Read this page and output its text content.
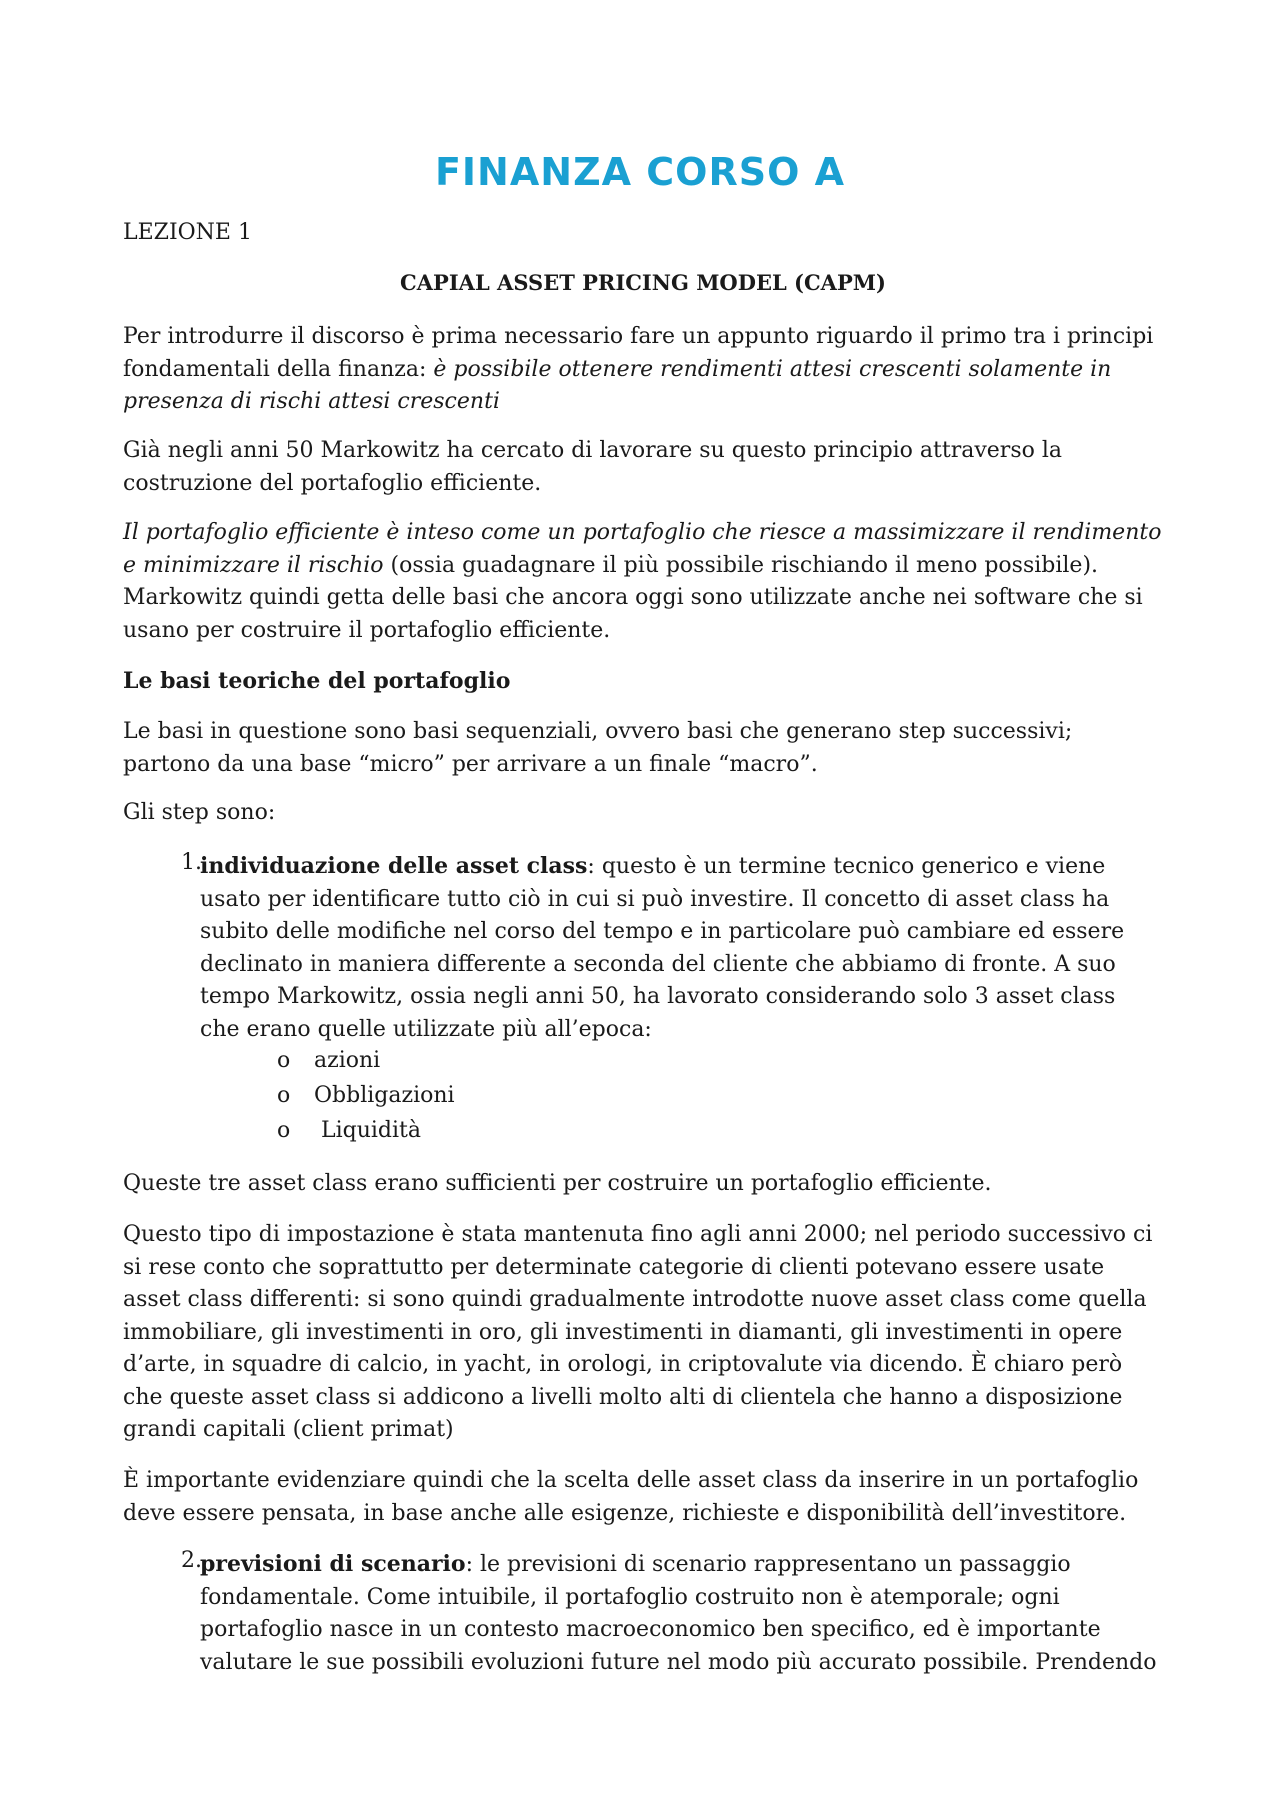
FINANZA CORSO A

LEZIONE 1

CAPIAL ASSET PRICING MODEL (CAPM)

Per introdurre il discorso è prima necessario fare un appunto riguardo il primo tra i principi fondamentali della finanza: è possibile ottenere rendimenti attesi crescenti solamente in presenza di rischi attesi crescenti

Già negli anni 50 Markowitz ha cercato di lavorare su questo principio attraverso la costruzione del portafoglio efficiente.

Il portafoglio efficiente è inteso come un portafoglio che riesce a massimizzare il rendimento e minimizzare il rischio (ossia guadagnare il più possibile rischiando il meno possibile). Markowitz quindi getta delle basi che ancora oggi sono utilizzate anche nei software che si usano per costruire il portafoglio efficiente.

Le basi teoriche del portafoglio

Le basi in questione sono basi sequenziali, ovvero basi che generano step successivi; partono da una base “micro” per arrivare a un finale “macro”.

Gli step sono:

1.

individuazione delle asset class: questo è un termine tecnico generico e viene usato per identificare tutto ciò in cui si può investire. Il concetto di asset class ha subito delle modifiche nel corso del tempo e in particolare può cambiare ed essere declinato in maniera differente a seconda del cliente che abbiamo di fronte. A suo tempo Markowitz, ossia negli anni 50, ha lavorato considerando solo 3 asset class che erano quelle utilizzate più all’epoca:

o azioni
o Obbligazioni
o Liquidità

Queste tre asset class erano sufficienti per costruire un portafoglio efficiente.

Questo tipo di impostazione è stata mantenuta fino agli anni 2000; nel periodo successivo ci si rese conto che soprattutto per determinate categorie di clienti potevano essere usate asset class differenti: si sono quindi gradualmente introdotte nuove asset class come quella immobiliare, gli investimenti in oro, gli investimenti in diamanti, gli investimenti in opere d’arte, in squadre di calcio, in yacht, in orologi, in criptovalute via dicendo. È chiaro però che queste asset class si addicono a livelli molto alti di clientela che hanno a disposizione grandi capitali (client primat)

È importante evidenziare quindi che la scelta delle asset class da inserire in un portafoglio deve essere pensata, in base anche alle esigenze, richieste e disponibilità dell’investitore.

2.

previsioni di scenario: le previsioni di scenario rappresentano un passaggio fondamentale. Come intuibile, il portafoglio costruito non è atemporale; ogni portafoglio nasce in un contesto macroeconomico ben specifico, ed è importante valutare le sue possibili evoluzioni future nel modo più accurato possibile. Prendendo
